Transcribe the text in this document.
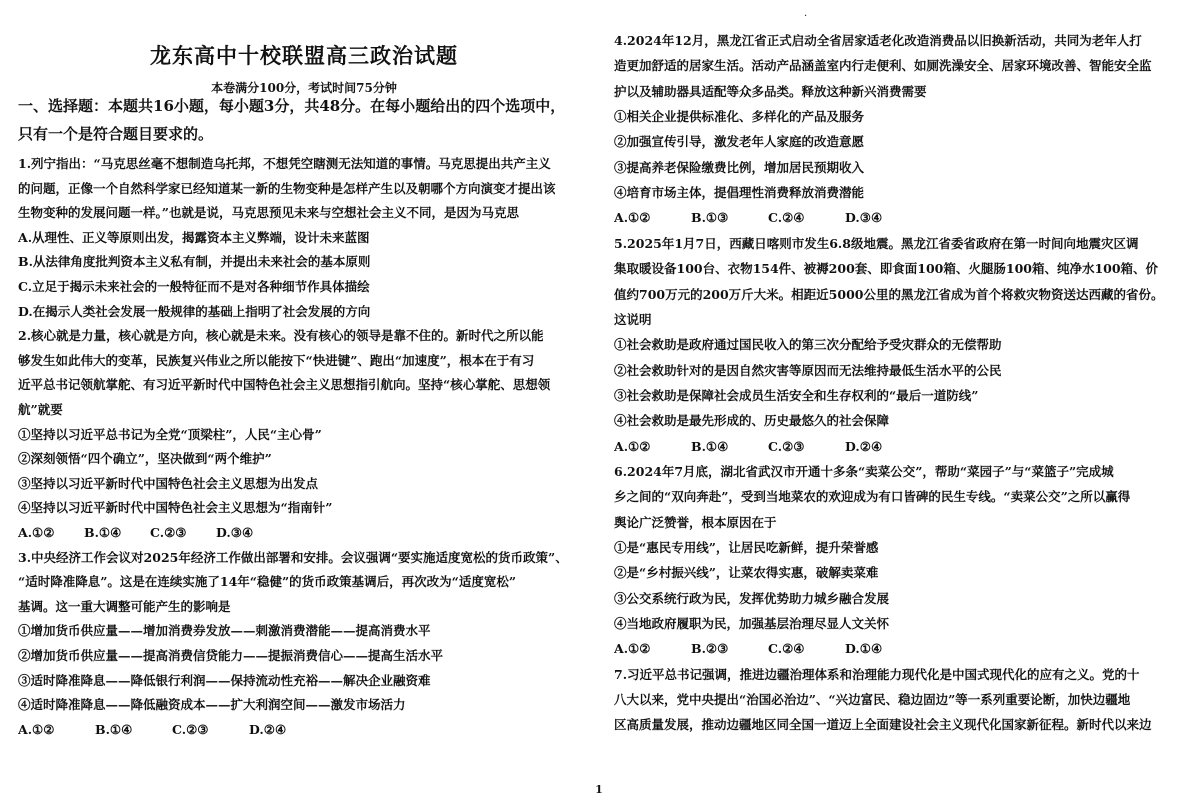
.
龙东高中十校联盟高三政治试题
本卷满分100分，考试时间75分钟
一、选择题：本题共16小题，每小题3分，共48分。在每小题给出的四个选项中，
只有一个是符合题目要求的。
1.列宁指出：“马克思丝毫不想制造乌托邦，不想凭空瞎测无法知道的事情。马克思提出共产主义
的问题，正像一个自然科学家已经知道某一新的生物变种是怎样产生以及朝哪个方向演变才提出该
生物变种的发展问题一样。”也就是说，马克思预见未来与空想社会主义不同，是因为马克思
A.从理性、正义等原则出发，揭露资本主义弊端，设计未来蓝图
B.从法律角度批判资本主义私有制，并提出未来社会的基本原则
C.立足于揭示未来社会的一般特征而不是对各种细节作具体描绘
D.在揭示人类社会发展一般规律的基础上指明了社会发展的方向
2.核心就是力量，核心就是方向，核心就是未来。没有核心的领导是靠不住的。新时代之所以能
够发生如此伟大的变革，民族复兴伟业之所以能按下“快进键”、跑出“加速度”，根本在于有习
近平总书记领航掌舵、有习近平新时代中国特色社会主义思想指引航向。坚持“核心掌舵、思想领
航”就要
①坚持以习近平总书记为全党“顶梁柱”，人民“主心骨”
②深刻领悟“四个确立”，坚决做到“两个维护”
③坚持以习近平新时代中国特色社会主义思想为出发点
④坚持以习近平新时代中国特色社会主义思想为“指南针”
A.①②	B.①④	C.②③	D.③④
3.中央经济工作会议对2025年经济工作做出部署和安排。会议强调“要实施适度宽松的货币政策”、
“适时降准降息”。这是在连续实施了14年“稳健”的货币政策基调后，再次改为“适度宽松”
基调。这一重大调整可能产生的影响是
①增加货币供应量——增加消费券发放——刺激消费潜能——提高消费水平
②增加货币供应量——提高消费信贷能力——提振消费信心——提高生活水平
③适时降准降息——降低银行利润——保持流动性充裕——解决企业融资难
④适时降准降息——降低融资成本——扩大利润空间——激发市场活力
A.①②	B.①④	C.②③	D.②④
4.2024年12月，黑龙江省正式启动全省居家适老化改造消费品以旧换新活动，共同为老年人打
造更加舒适的居家生活。活动产品涵盖室内行走便利、如厕洗澡安全、居家环境改善、智能安全监
护以及辅助器具适配等众多品类。释放这种新兴消费需要
①相关企业提供标准化、多样化的产品及服务
②加强宣传引导，激发老年人家庭的改造意愿
③提高养老保险缴费比例，增加居民预期收入
④培育市场主体，提倡理性消费释放消费潜能
A.①②	B.①③	C.②④	D.③④
5.2025年1月7日，西藏日喀则市发生6.8级地震。黑龙江省委省政府在第一时间向地震灾区调
集取暖设备100台、衣物154件、被褥200套、即食面100箱、火腿肠100箱、纯净水100箱、价
值约700万元的200万斤大米。相距近5000公里的黑龙江省成为首个将救灾物资送达西藏的省份。
这说明
①社会救助是政府通过国民收入的第三次分配给予受灾群众的无偿帮助
②社会救助针对的是因自然灾害等原因而无法维持最低生活水平的公民
③社会救助是保障社会成员生活安全和生存权利的“最后一道防线”
④社会救助是最先形成的、历史最悠久的社会保障
A.①②	B.①④	C.②③	D.②④
6.2024年7月底，湖北省武汉市开通十多条“卖菜公交”，帮助“菜园子”与“菜篮子”完成城
乡之间的“双向奔赴”，受到当地菜农的欢迎成为有口皆碑的民生专线。“卖菜公交”之所以赢得
舆论广泛赞誉，根本原因在于
①是“惠民专用线”，让居民吃新鲜，提升荣誉感
②是“乡村振兴线”，让菜农得实惠，破解卖菜难
③公交系统行政为民，发挥优势助力城乡融合发展
④当地政府履职为民，加强基层治理尽显人文关怀
A.①②	B.②③	C.②④	D.①④
7.习近平总书记强调，推进边疆治理体系和治理能力现代化是中国式现代化的应有之义。党的十
八大以来，党中央提出“治国必治边”、“兴边富民、稳边固边”等一系列重要论断，加快边疆地
区高质量发展，推动边疆地区同全国一道迈上全面建设社会主义现代化国家新征程。新时代以来边
1
